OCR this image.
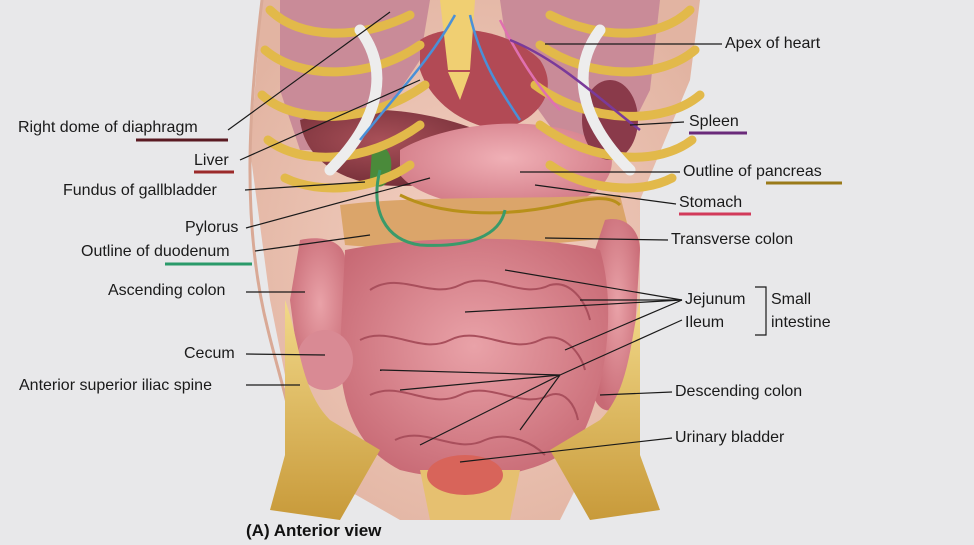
Right dome of diaphragm
Liver
Fundus of gallbladder
Pylorus
Outline of duodenum
Ascending colon
Cecum
Anterior superior iliac spine
Apex of heart
Spleen
Outline of pancreas
Stomach
Transverse colon
Jejunum
Ileum
Small
intestine
Descending colon
Urinary bladder
(A) Anterior view
